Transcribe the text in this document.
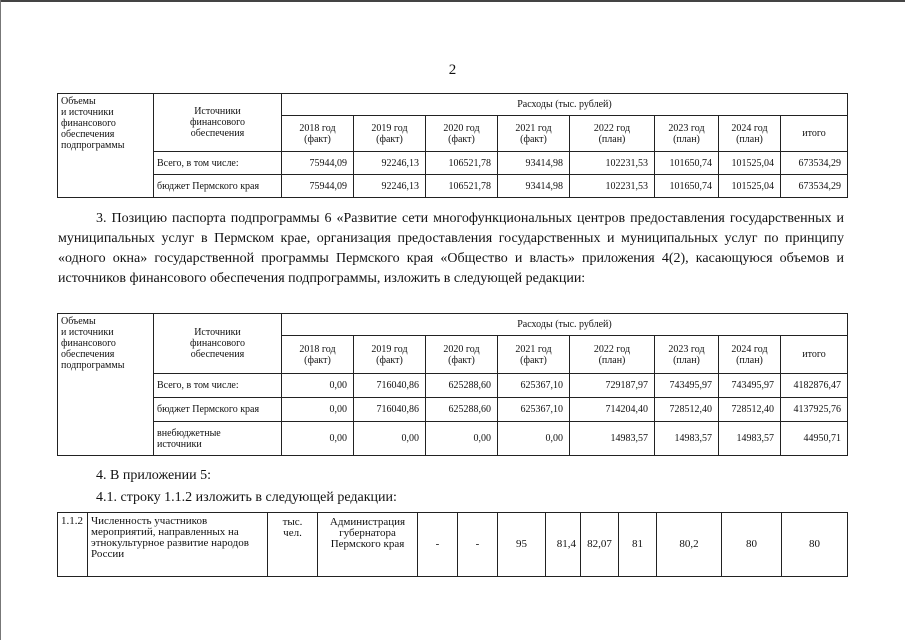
2
Объемы
и источники
финансового
обеспечения
подпрограммы	Источники
финансового
обеспечения	Расходы (тыс. рублей)							
		2018 год
(факт)	2019 год
(факт)	2020 год
(факт)	2021 год
(факт)	2022 год
(план)	2023 год
(план)	2024 год
(план)	итого
	Всего, в том числе:	75944,09	92246,13	106521,78	93414,98	102231,53	101650,74	101525,04	673534,29
	бюджет Пермского края	75944,09	92246,13	106521,78	93414,98	102231,53	101650,74	101525,04	673534,29

3. Позицию паспорта подпрограммы 6 «Развитие сети многофункциональных центров предоставления государственных и муниципальных услуг в Пермском крае, организация предоставления государственных и муниципальных услуг по принципу «одного окна» государственной программы Пермского края «Общество и власть» приложения 4(2), касающуюся объемов и источников финансового обеспечения подпрограммы, изложить в следующей редакции:

Объемы
и источники
финансового
обеспечения
подпрограммы	Источники
финансового
обеспечения	Расходы (тыс. рублей)							
		2018 год
(факт)	2019 год
(факт)	2020 год
(факт)	2021 год
(факт)	2022 год
(план)	2023 год
(план)	2024 год
(план)	итого
	Всего, в том числе:	0,00	716040,86	625288,60	625367,10	729187,97	743495,97	743495,97	4182876,47
	бюджет Пермского края	0,00	716040,86	625288,60	625367,10	714204,40	728512,40	728512,40	4137925,76
	внебюджетные
источники	0,00	0,00	0,00	0,00	14983,57	14983,57	14983,57	44950,71
4. В приложении 5:
4.1. строку 1.1.2 изложить в следующей редакции:
1.1.2	Численность участников мероприятий, направленных на этнокультурное развитие народов России	тыс.
чел.	Администрация
губернатора
Пермского края	-	-	95	81,4	82,07	81	80,2	80	80
